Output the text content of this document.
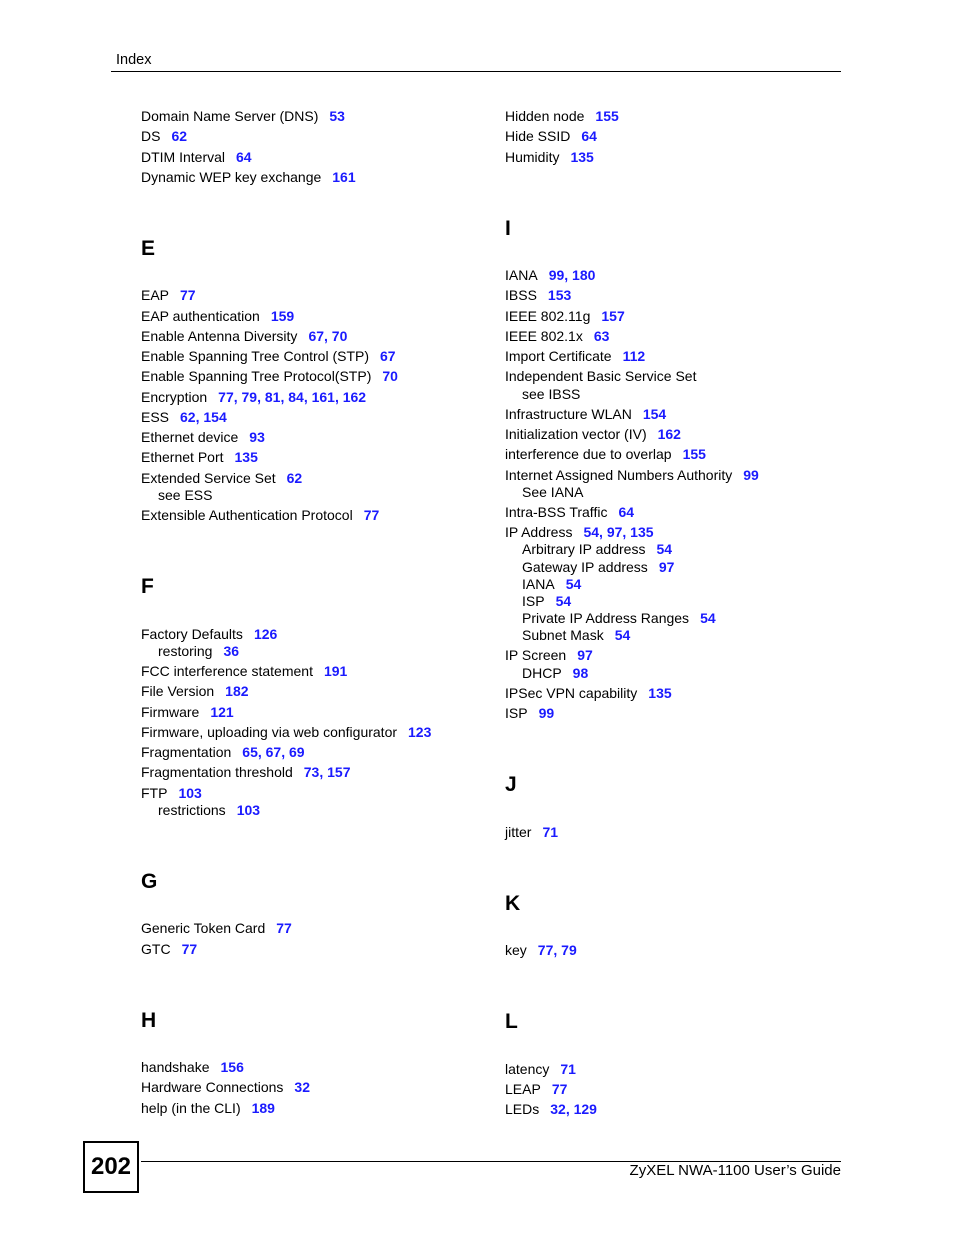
Index
Domain Name Server (DNS) 53
DS 62
DTIM Interval 64
Dynamic WEP key exchange 161
E
EAP 77
EAP authentication 159
Enable Antenna Diversity 67, 70
Enable Spanning Tree Control (STP) 67
Enable Spanning Tree Protocol(STP) 70
Encryption 77, 79, 81, 84, 161, 162
ESS 62, 154
Ethernet device 93
Ethernet Port 135
Extended Service Set 62
see ESS
Extensible Authentication Protocol 77
F
Factory Defaults 126
restoring 36
FCC interference statement 191
File Version 182
Firmware 121
Firmware, uploading via web configurator 123
Fragmentation 65, 67, 69
Fragmentation threshold 73, 157
FTP 103
restrictions 103
G
Generic Token Card 77
GTC 77
H
handshake 156
Hardware Connections 32
help (in the CLI) 189
Hidden node 155
Hide SSID 64
Humidity 135
I
IANA 99, 180
IBSS 153
IEEE 802.11g 157
IEEE 802.1x 63
Import Certificate 112
Independent Basic Service Set
see IBSS
Infrastructure WLAN 154
Initialization vector (IV) 162
interference due to overlap 155
Internet Assigned Numbers Authority 99
See IANA
Intra-BSS Traffic 64
IP Address 54, 97, 135
Arbitrary IP address 54
Gateway IP address 97
IANA 54
ISP 54
Private IP Address Ranges 54
Subnet Mask 54
IP Screen 97
DHCP 98
IPSec VPN capability 135
ISP 99
J
jitter 71
K
key 77, 79
L
latency 71
LEAP 77
LEDs 32, 129
202	ZyXEL NWA-1100 User’s Guide
